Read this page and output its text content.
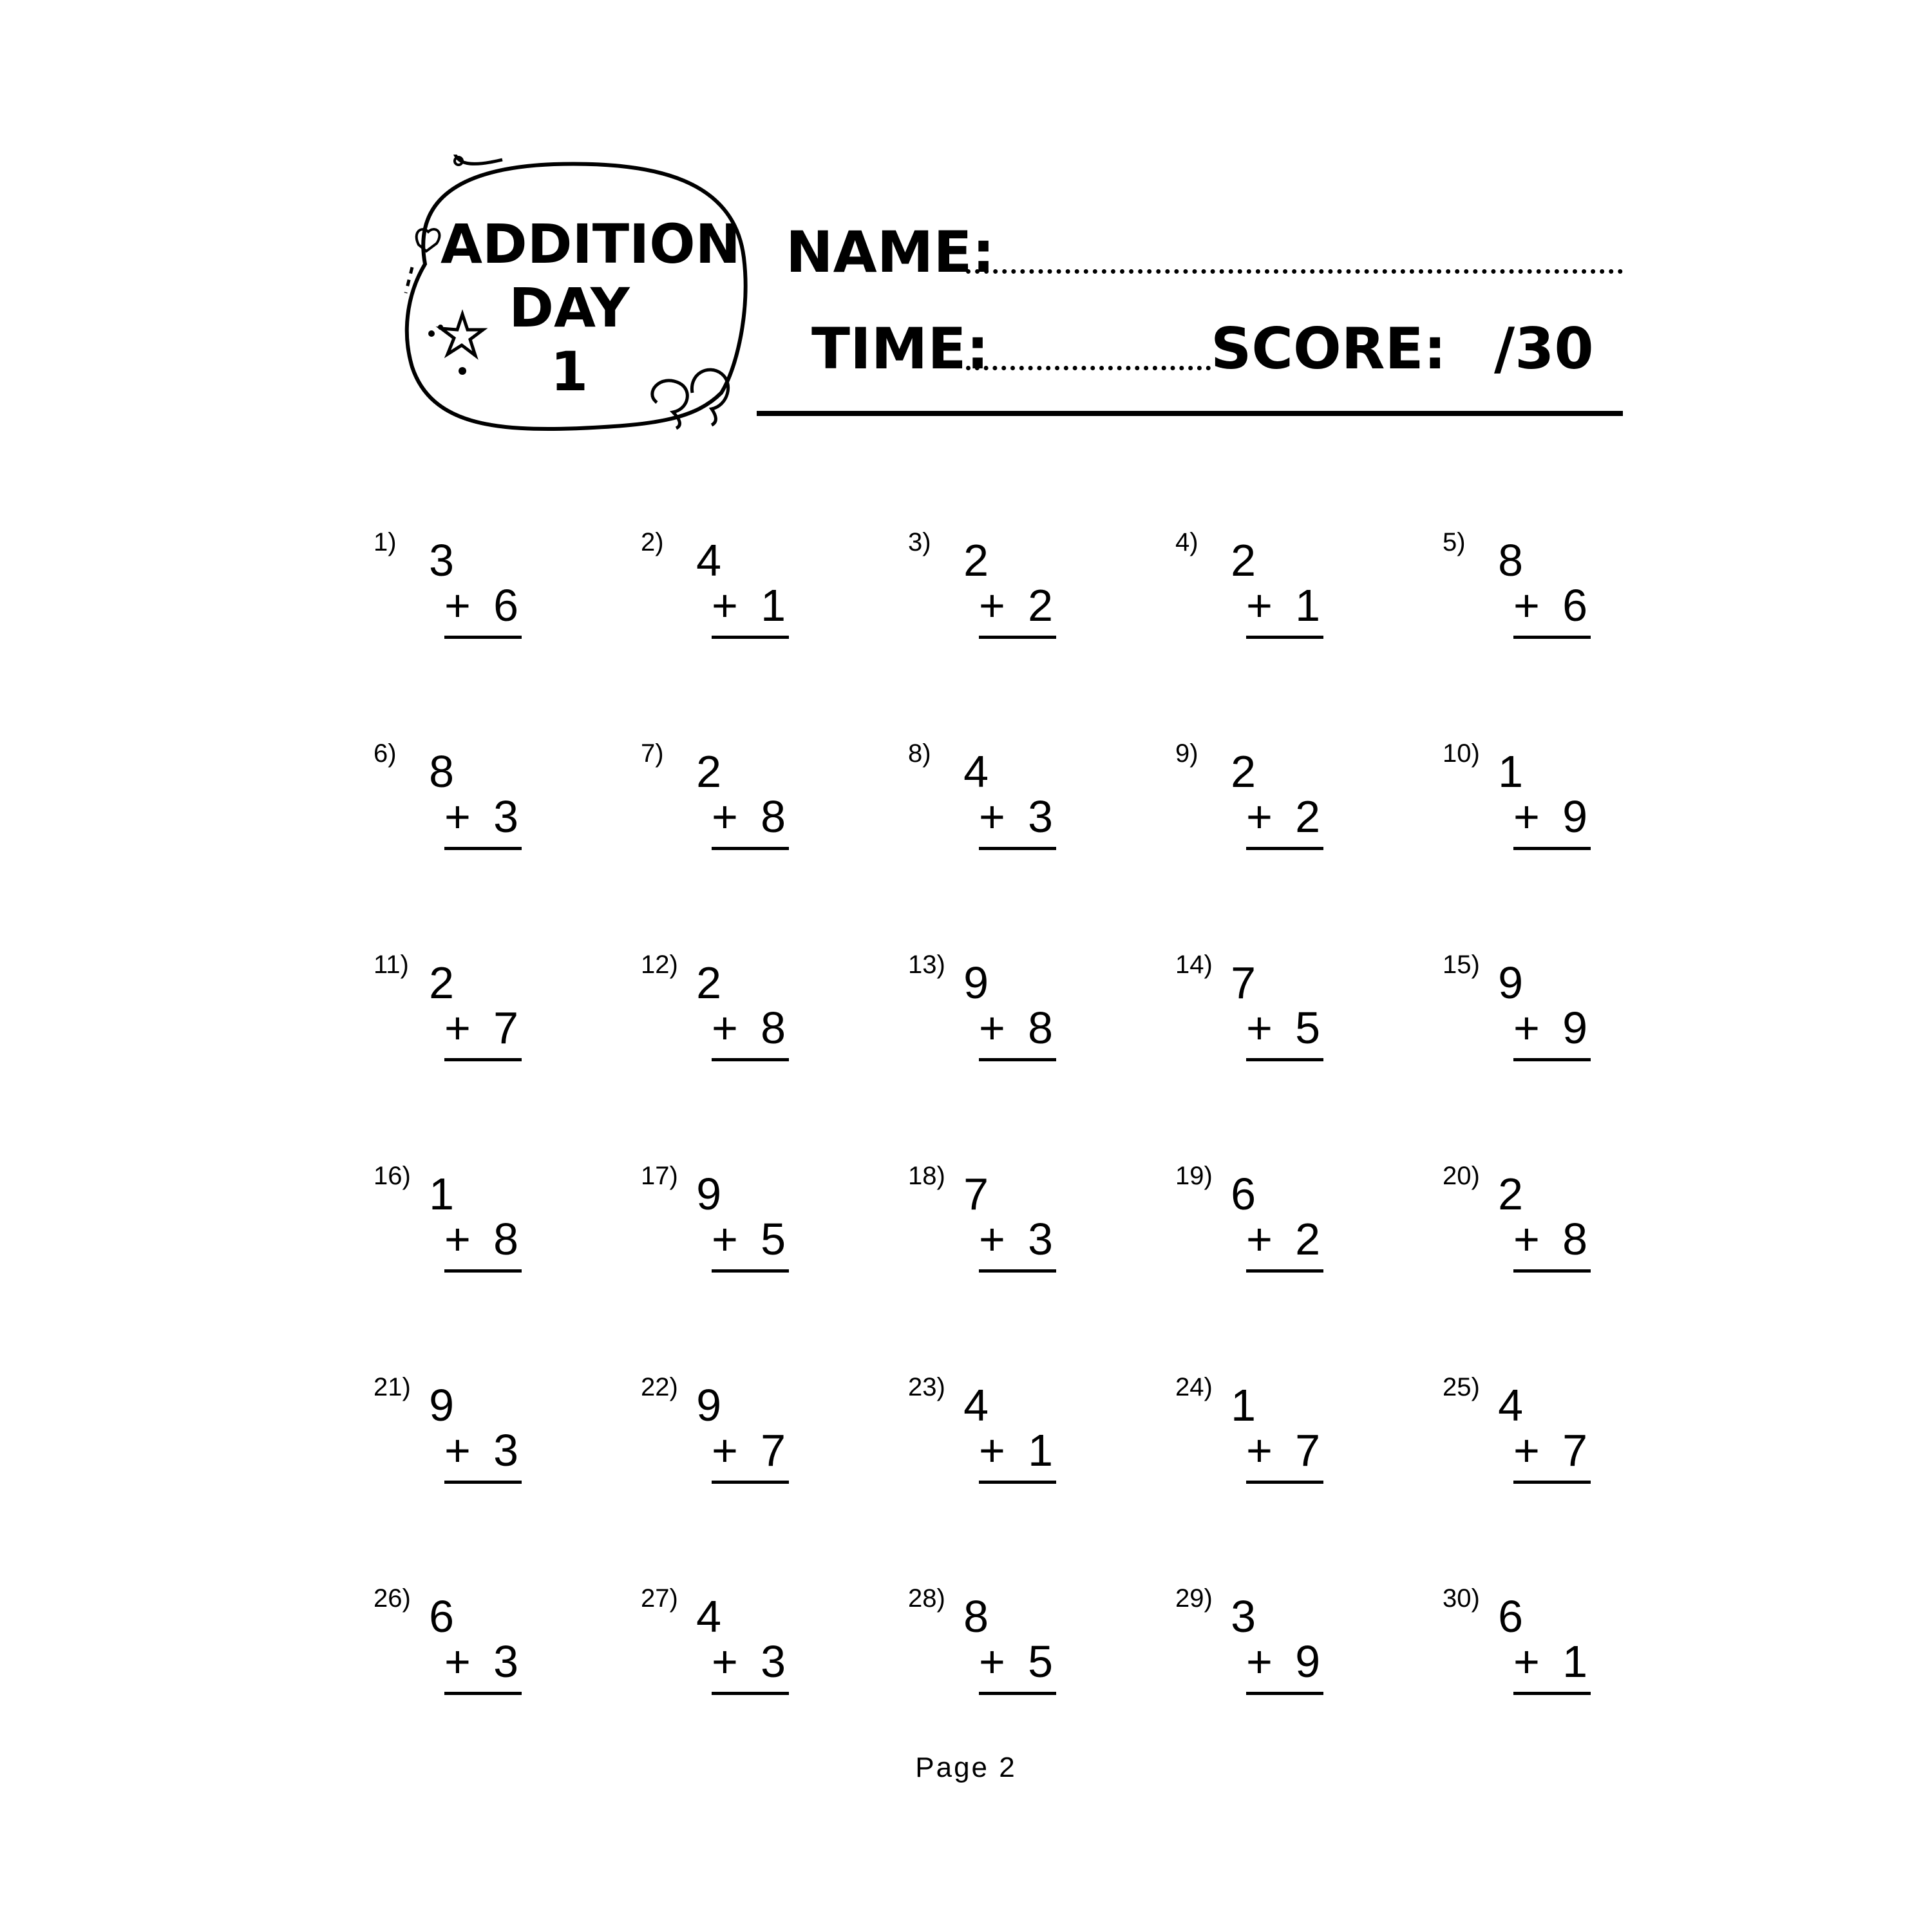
ADDITION
DAY
1
NAME:
TIME:	SCORE: /30
1) 3
+ 6
2) 4
+ 1
3) 2
+ 2
4) 2
+ 1
5) 8
+ 6
6) 8
+ 3
7) 2
+ 8
8) 4
+ 3
9) 2
+ 2
10) 1
+ 9
11) 2
+ 7
12) 2
+ 8
13) 9
+ 8
14) 7
+ 5
15) 9
+ 9
16) 1
+ 8
17) 9
+ 5
18) 7
+ 3
19) 6
+ 2
20) 2
+ 8
21) 9
+ 3
22) 9
+ 7
23) 4
+ 1
24) 1
+ 7
25) 4
+ 7
26) 6
+ 3
27) 4
+ 3
28) 8
+ 5
29) 3
+ 9
30) 6
+ 1
Page 2
